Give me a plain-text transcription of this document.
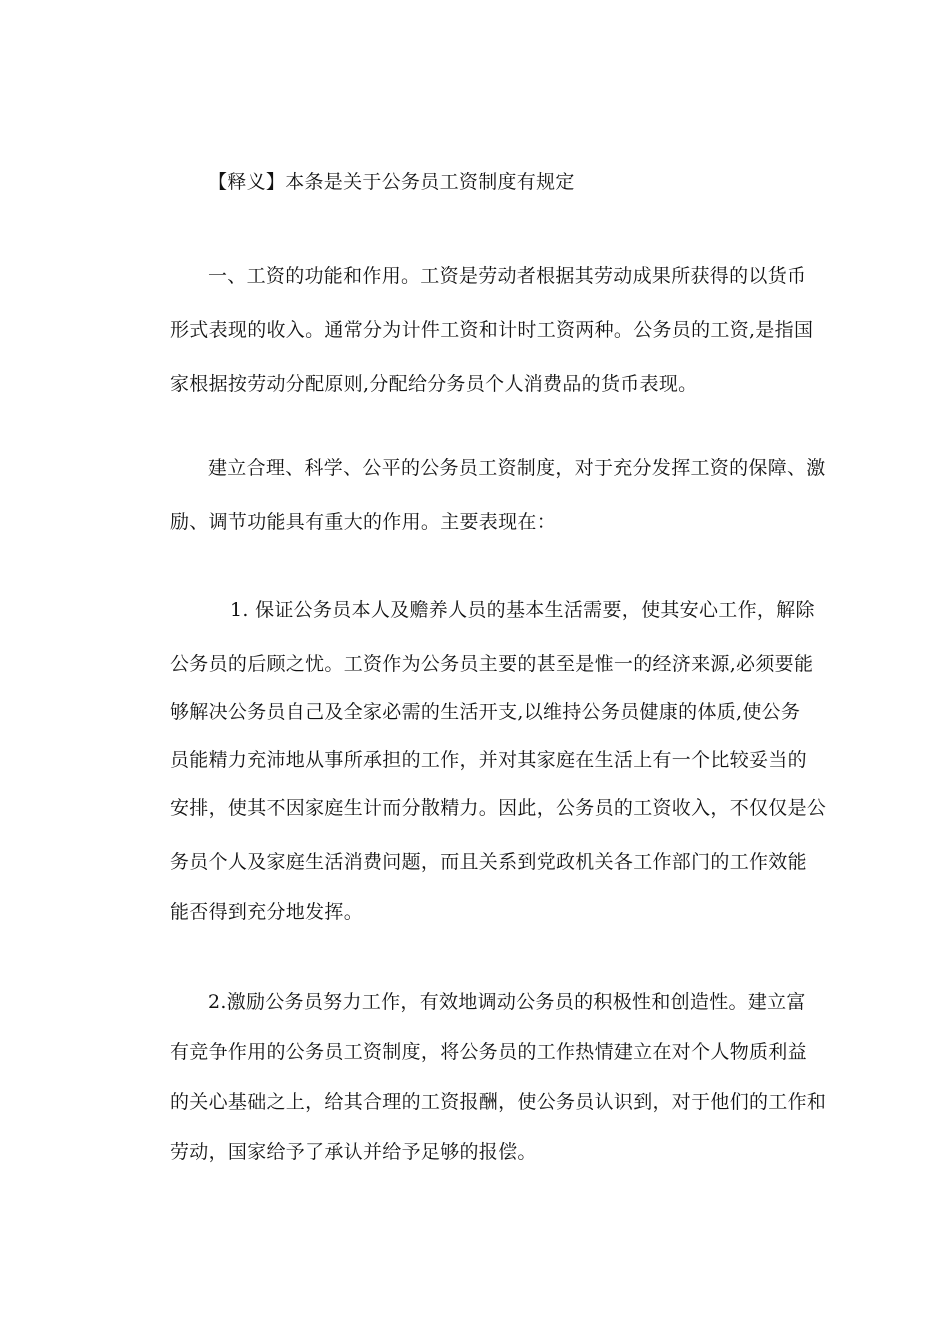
【释义】本条是关于公务员工资制度有规定
一、工资的功能和作用。工资是劳动者根据其劳动成果所获得的以货币
形式表现的收入。通常分为计件工资和计时工资两种。公务员的工资,是指国
家根据按劳动分配原则,分配给分务员个人消费品的货币表现。
建立合理、科学、公平的公务员工资制度，对于充分发挥工资的保障、激
励、调节功能具有重大的作用。主要表现在：
1. 保证公务员本人及赡养人员的基本生活需要，使其安心工作，解除
公务员的后顾之忧。工资作为公务员主要的甚至是惟一的经济来源,必须要能
够解决公务员自己及全家必需的生活开支,以维持公务员健康的体质,使公务
员能精力充沛地从事所承担的工作，并对其家庭在生活上有一个比较妥当的
安排，使其不因家庭生计而分散精力。因此，公务员的工资收入，不仅仅是公
务员个人及家庭生活消费问题，而且关系到党政机关各工作部门的工作效能
能否得到充分地发挥。
2.激励公务员努力工作，有效地调动公务员的积极性和创造性。建立富
有竞争作用的公务员工资制度，将公务员的工作热情建立在对个人物质利益
的关心基础之上，给其合理的工资报酬，使公务员认识到，对于他们的工作和
劳动，国家给予了承认并给予足够的报偿。
